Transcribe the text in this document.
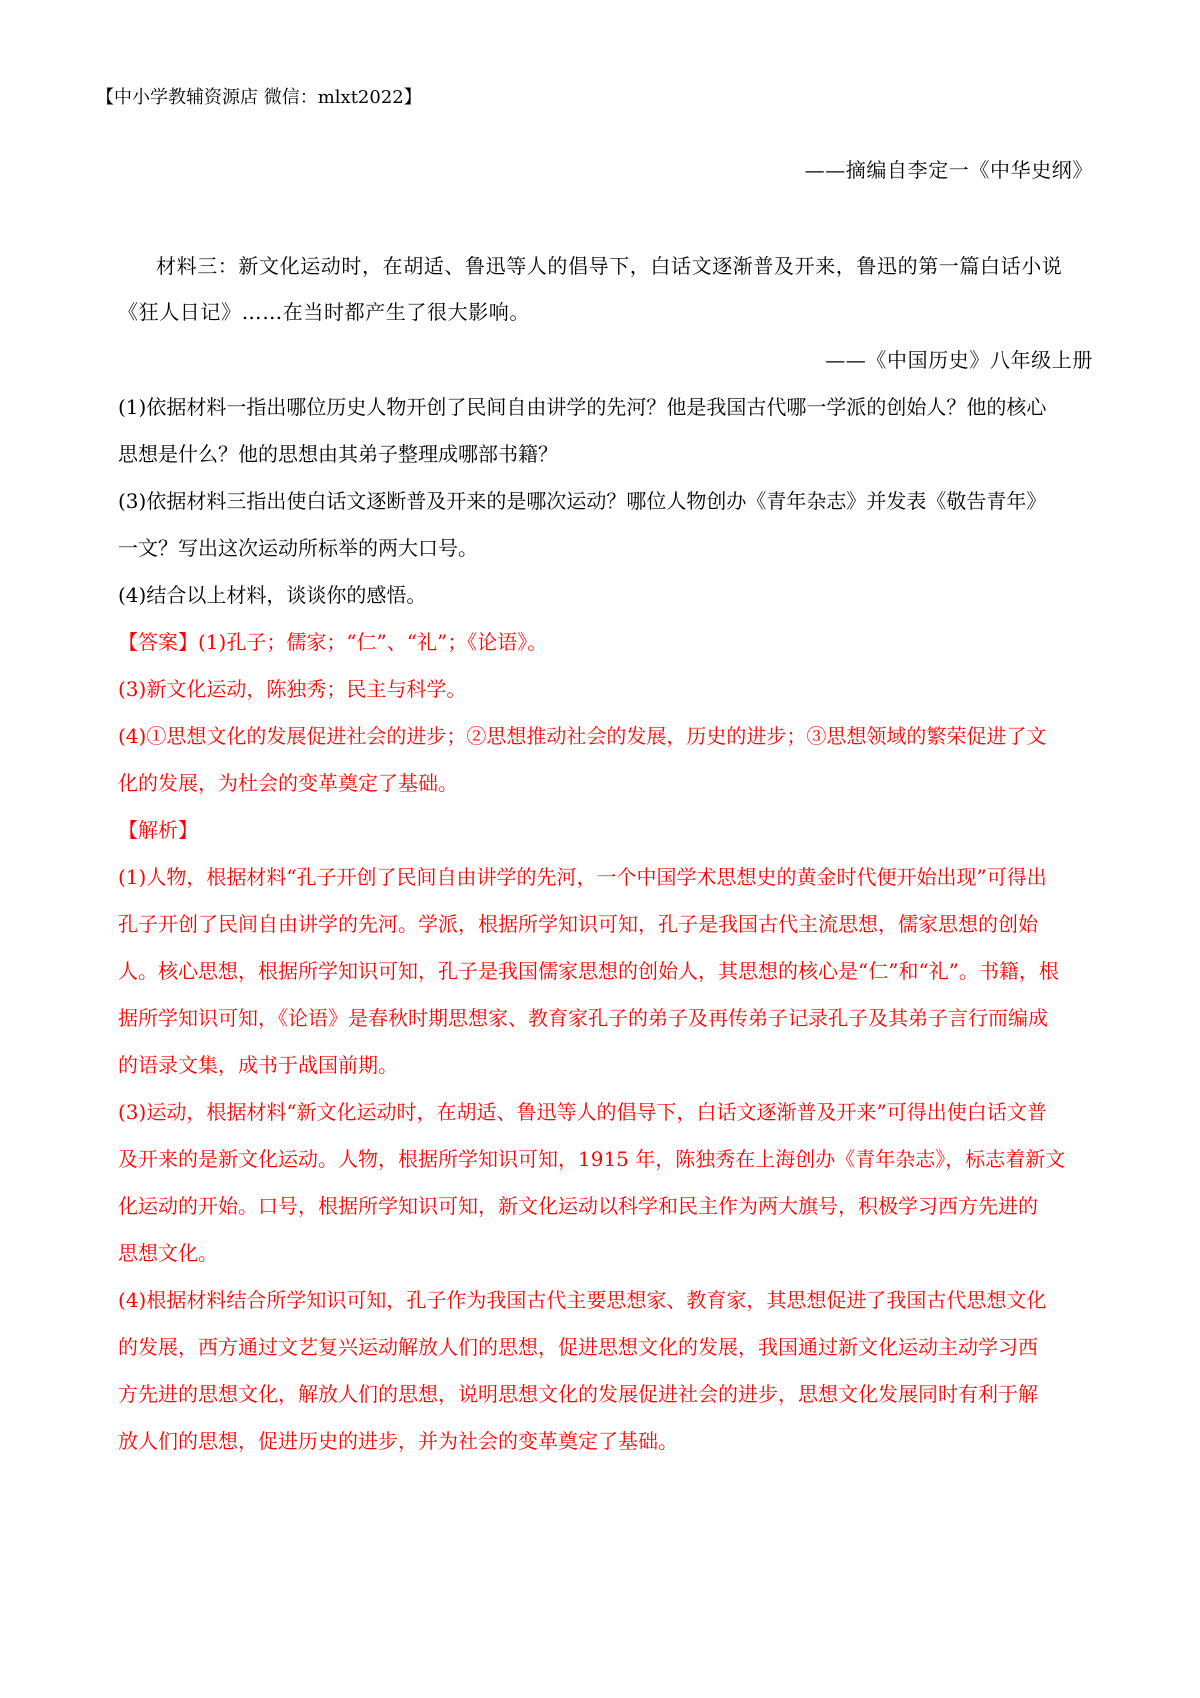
【中小学教辅资源店 微信：mlxt2022】
——摘编自李定一《中华史纲》
材料三：新文化运动时，在胡适、鲁迅等人的倡导下，白话文逐渐普及开来，鲁迅的第一篇白话小说
《狂人日记》……在当时都产生了很大影响。
——《中国历史》八年级上册
(1)依据材料一指出哪位历史人物开创了民间自由讲学的先河？他是我国古代哪一学派的创始人？他的核心
思想是什么？他的思想由其弟子整理成哪部书籍？
(3)依据材料三指出使白话文逐断普及开来的是哪次运动？哪位人物创办《青年杂志》并发表《敬告青年》
一文？写出这次运动所标举的两大口号。
(4)结合以上材料，谈谈你的感悟。
【答案】(1)孔子；儒家；“仁”、“礼”；《论语》。
(3)新文化运动，陈独秀；民主与科学。
(4)①思想文化的发展促进社会的进步；②思想推动社会的发展，历史的进步；③思想领域的繁荣促进了文
化的发展，为杜会的变革奠定了基础。
【解析】
(1)人物，根据材料“孔子开创了民间自由讲学的先河，一个中国学术思想史的黄金时代便开始出现”可得出
孔子开创了民间自由讲学的先河。学派，根据所学知识可知，孔子是我国古代主流思想，儒家思想的创始
人。核心思想，根据所学知识可知，孔子是我国儒家思想的创始人，其思想的核心是“仁”和“礼”。书籍，根
据所学知识可知，《论语》是春秋时期思想家、教育家孔子的弟子及再传弟子记录孔子及其弟子言行而编成
的语录文集，成书于战国前期。
(3)运动，根据材料“新文化运动时，在胡适、鲁迅等人的倡导下，白话文逐渐普及开来”可得出使白话文普
及开来的是新文化运动。人物，根据所学知识可知，1915 年，陈独秀在上海创办《青年杂志》，标志着新文
化运动的开始。口号，根据所学知识可知，新文化运动以科学和民主作为两大旗号，积极学习西方先进的
思想文化。
(4)根据材料结合所学知识可知，孔子作为我国古代主要思想家、教育家，其思想促进了我国古代思想文化
的发展，西方通过文艺复兴运动解放人们的思想，促进思想文化的发展，我国通过新文化运动主动学习西
方先进的思想文化，解放人们的思想，说明思想文化的发展促进社会的进步，思想文化发展同时有利于解
放人们的思想，促进历史的进步，并为社会的变革奠定了基础。
